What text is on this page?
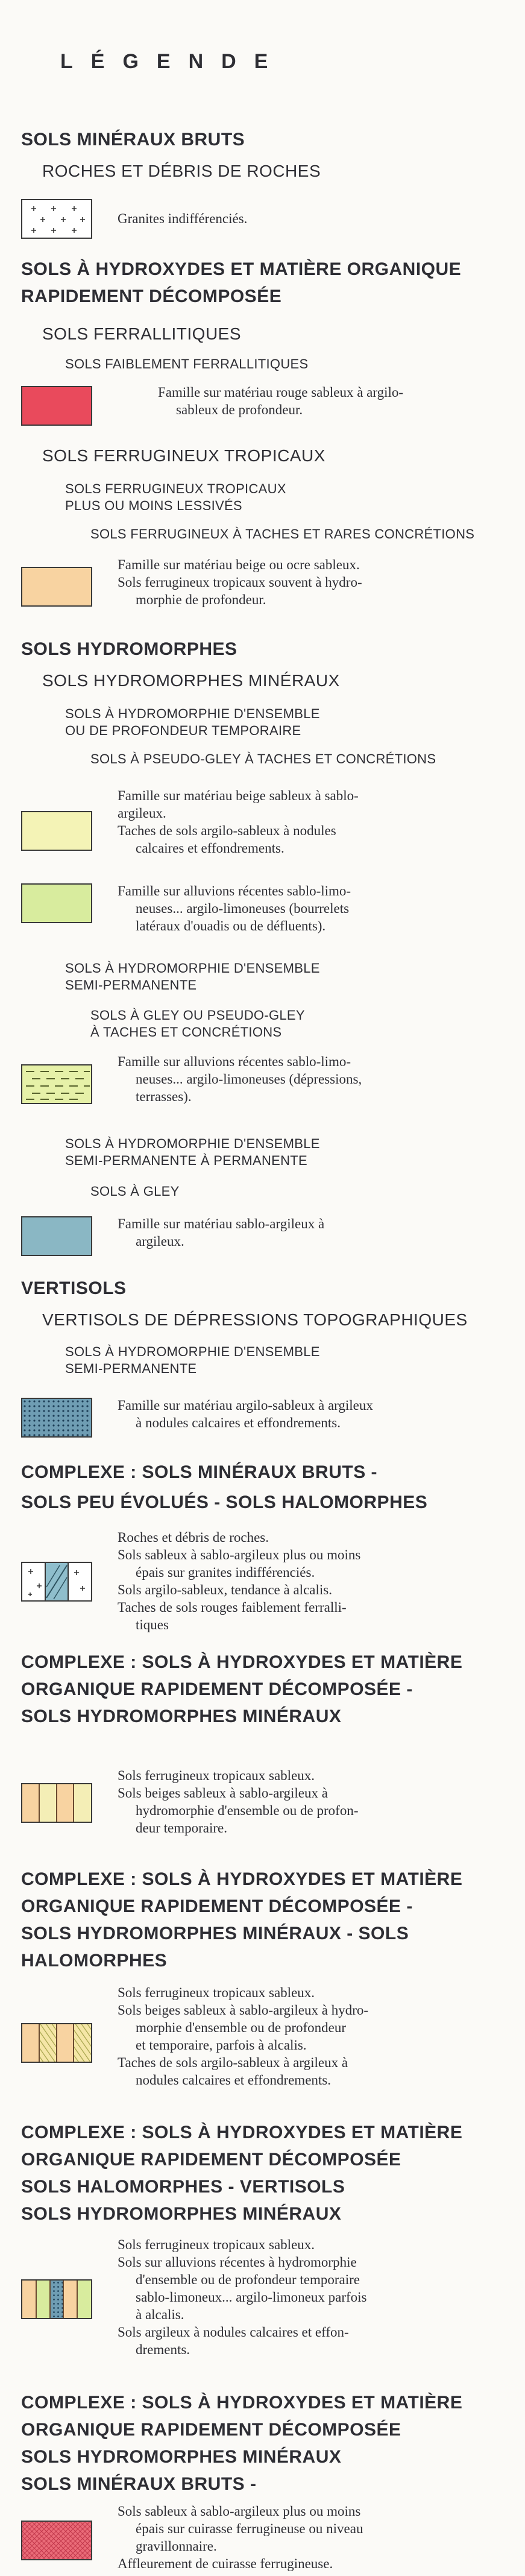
LÉGENDE
SOLS MINÉRAUX BRUTS
ROCHES ET DÉBRIS DE ROCHES
Granites indifférenciés.
SOLS À HYDROXYDES ET MATIÈRE ORGANIQUE
RAPIDEMENT DÉCOMPOSÉE
SOLS FERRALLITIQUES
SOLS FAIBLEMENT FERRALLITIQUES
Famille sur matériau rouge sableux à argilo-
sableux de profondeur.
SOLS FERRUGINEUX TROPICAUX
SOLS FERRUGINEUX TROPICAUX
PLUS OU MOINS LESSIVÉS
SOLS FERRUGINEUX À TACHES ET RARES CONCRÉTIONS
Famille sur matériau beige ou ocre sableux.
Sols ferrugineux tropicaux souvent à hydro-
morphie de profondeur.
SOLS HYDROMORPHES
SOLS HYDROMORPHES MINÉRAUX
SOLS À HYDROMORPHIE D'ENSEMBLE
OU DE PROFONDEUR TEMPORAIRE
SOLS À PSEUDO-GLEY À TACHES ET CONCRÉTIONS
Famille sur matériau beige sableux à sablo-
argileux.
Taches de sols argilo-sableux à nodules
calcaires et effondrements.
Famille sur alluvions récentes sablo-limo-
neuses... argilo-limoneuses (bourrelets
latéraux d'ouadis ou de défluents).
SOLS À HYDROMORPHIE D'ENSEMBLE
SEMI-PERMANENTE
SOLS À GLEY OU PSEUDO-GLEY
À TACHES ET CONCRÉTIONS
Famille sur alluvions récentes sablo-limo-
neuses... argilo-limoneuses (dépressions,
terrasses).
SOLS À HYDROMORPHIE D'ENSEMBLE
SEMI-PERMANENTE À PERMANENTE
SOLS À GLEY
Famille sur matériau sablo-argileux à
argileux.
VERTISOLS
VERTISOLS DE DÉPRESSIONS TOPOGRAPHIQUES
SOLS À HYDROMORPHIE D'ENSEMBLE
SEMI-PERMANENTE
Famille sur matériau argilo-sableux à argileux
à nodules calcaires et effondrements.
COMPLEXE : SOLS MINÉRAUX BRUTS -
SOLS PEU ÉVOLUÉS - SOLS HALOMORPHES
Roches et débris de roches.
Sols sableux à sablo-argileux plus ou moins
épais sur granites indifférenciés.
Sols argilo-sableux, tendance à alcalis.
Taches de sols rouges faiblement ferralli-
tiques
COMPLEXE : SOLS À HYDROXYDES ET MATIÈRE
ORGANIQUE RAPIDEMENT DÉCOMPOSÉE -
SOLS HYDROMORPHES MINÉRAUX
Sols ferrugineux tropicaux sableux.
Sols beiges sableux à sablo-argileux à
hydromorphie d'ensemble ou de profon-
deur temporaire.
COMPLEXE : SOLS À HYDROXYDES ET MATIÈRE
ORGANIQUE RAPIDEMENT DÉCOMPOSÉE -
SOLS HYDROMORPHES MINÉRAUX - SOLS
HALOMORPHES
Sols ferrugineux tropicaux sableux.
Sols beiges sableux à sablo-argileux à hydro-
morphie d'ensemble ou de profondeur
et temporaire, parfois à alcalis.
Taches de sols argilo-sableux à argileux à
nodules calcaires et effondrements.
COMPLEXE : SOLS À HYDROXYDES ET MATIÈRE
ORGANIQUE RAPIDEMENT DÉCOMPOSÉE
SOLS HALOMORPHES - VERTISOLS
SOLS HYDROMORPHES MINÉRAUX
Sols ferrugineux tropicaux sableux.
Sols sur alluvions récentes à hydromorphie
d'ensemble ou de profondeur temporaire
sablo-limoneux... argilo-limoneux parfois
à alcalis.
Sols argileux à nodules calcaires et effon-
drements.
COMPLEXE : SOLS À HYDROXYDES ET MATIÈRE
ORGANIQUE RAPIDEMENT DÉCOMPOSÉE
SOLS HYDROMORPHES MINÉRAUX
SOLS MINÉRAUX BRUTS -
Sols sableux à sablo-argileux plus ou moins
épais sur cuirasse ferrugineuse ou niveau
gravillonnaire.
Affleurement de cuirasse ferrugineuse.
